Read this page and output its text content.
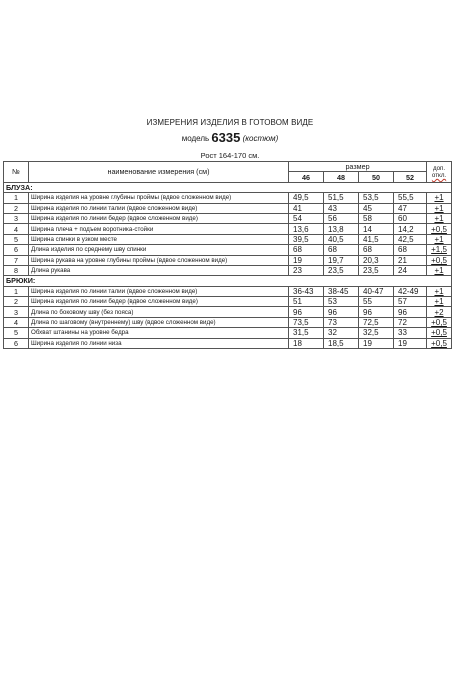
ИЗМЕРЕНИЯ ИЗДЕЛИЯ В ГОТОВОМ ВИДЕ
модель 6335 (костюм)
Рост 164-170 см.
№	наименование измерения (см)	размер				доп.
откл.

		46	48	50	52	
БЛУЗА:						
1	Ширина изделия на уровне глубины проймы (вдвое сложенном виде)	49,5	51,5	53,5	55,5	+1
2	Ширина изделия по линии талии (вдвое сложенном виде)	41	43	45	47	+1
3	Ширина изделия по линии бедер (вдвое сложенном виде)	54	56	58	60	+1
4	Ширина плеча + подъем воротника-стойки	13,6	13,8	14	14,2	+0,5
5	Ширина спинки в узком месте	39,5	40,5	41,5	42,5	+1
6	Длина изделия по среднему шву спинки	68	68	68	68	+1,5
7	Ширина рукава на уровне глубины проймы (вдвое сложенном виде)	19	19,7	20,3	21	+0,5
8	Длина рукава	23	23,5	23,5	24	+1
БРЮКИ:						
1	Ширина изделия по линии талии (вдвое сложенном виде)	36-43	38-45	40-47	42-49	+1
2	Ширина изделия по линии бедер (вдвое сложенном виде)	51	53	55	57	+1
3	Длина по боковому шву (без пояса)	96	96	96	96	+2
4	Длина по шаговому (внутреннему) шву (вдвое сложенном виде)	73,5	73	72,5	72	+0,5
5	Обхват штанины на уровне бедра	31,5	32	32,5	33	+0,5
6	Ширина изделия по линии низа	18	18,5	19	19	+0,5
